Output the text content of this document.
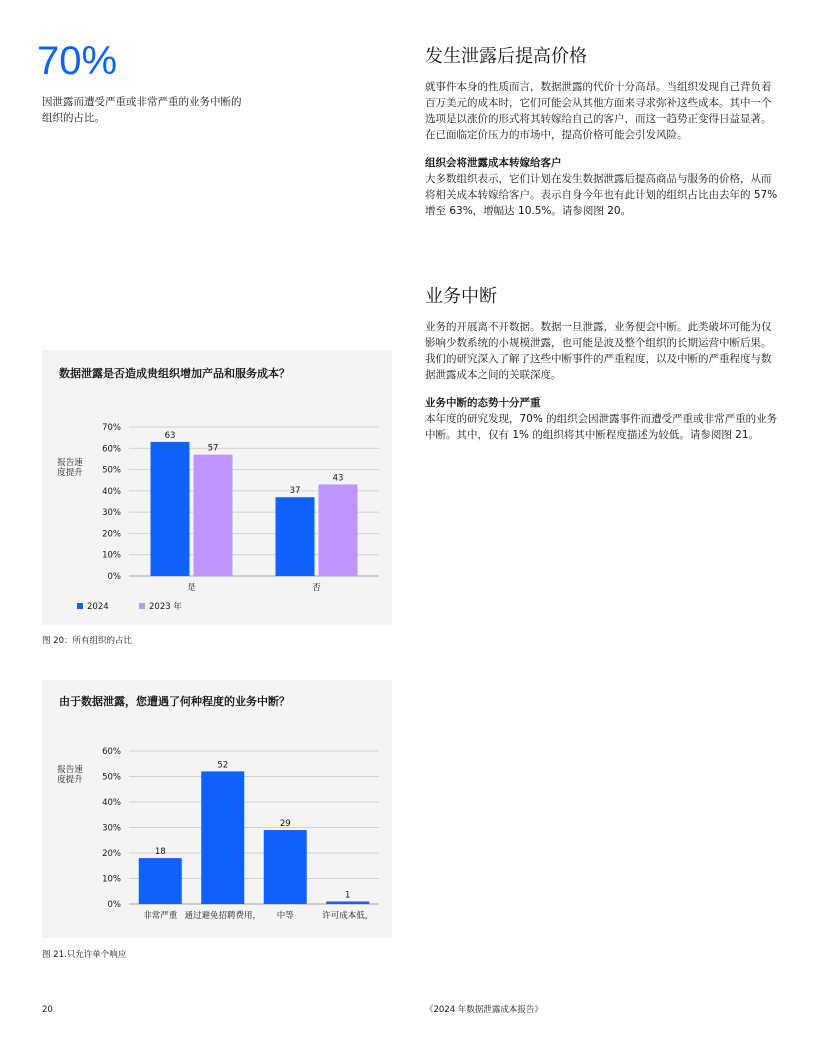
70%
因泄露而遭受严重或非常严重的业务中断的组织的占比。
发生泄露后提高价格

就事件本身的性质而言，数据泄露的代价十分高昂。当组织发现自己背负着百万美元的成本时，它们可能会从其他方面来寻求弥补这些成本。其中一个选项是以涨价的形式将其转嫁给自己的客户，而这一趋势正变得日益显著。在已面临定价压力的市场中，提高价格可能会引发风险。

组织会将泄露成本转嫁给客户

大多数组织表示，它们计划在发生数据泄露后提高商品与服务的价格，从而将相关成本转嫁给客户。表示自身今年也有此计划的组织占比由去年的 57% 增至 63%，增幅达 10.5%。请参阅图 20。

业务中断

业务的开展离不开数据。数据一旦泄露，业务便会中断。此类破坏可能为仅影响少数系统的小规模泄露，也可能是波及整个组织的长期运营中断后果。我们的研究深入了解了这些中断事件的严重程度，以及中断的严重程度与数据泄露成本之间的关联深度。

业务中断的态势十分严重

本年度的研究发现，70% 的组织会因泄露事件而遭受严重或非常严重的业务中断。其中，仅有 1% 的组织将其中断程度描述为较低。请参阅图 21。

数据泄露是否造成贵组织增加产品和服务成本？
0%
10%
20%
30%
40%
50%
60%
70%
报告速度提升
63
57
是
37
43
否
2024	2023 年
图 20：所有组织的占比
由于数据泄露，您遭遇了何种程度的业务中断？
0%
10%
20%
30%
40%
50%
60%
报告速度提升
18
非常严重
52
通过避免招聘费用，
29
中等
1
许可成本低，
图 21.只允许单个响应
20	《2024 年数据泄露成本报告》
